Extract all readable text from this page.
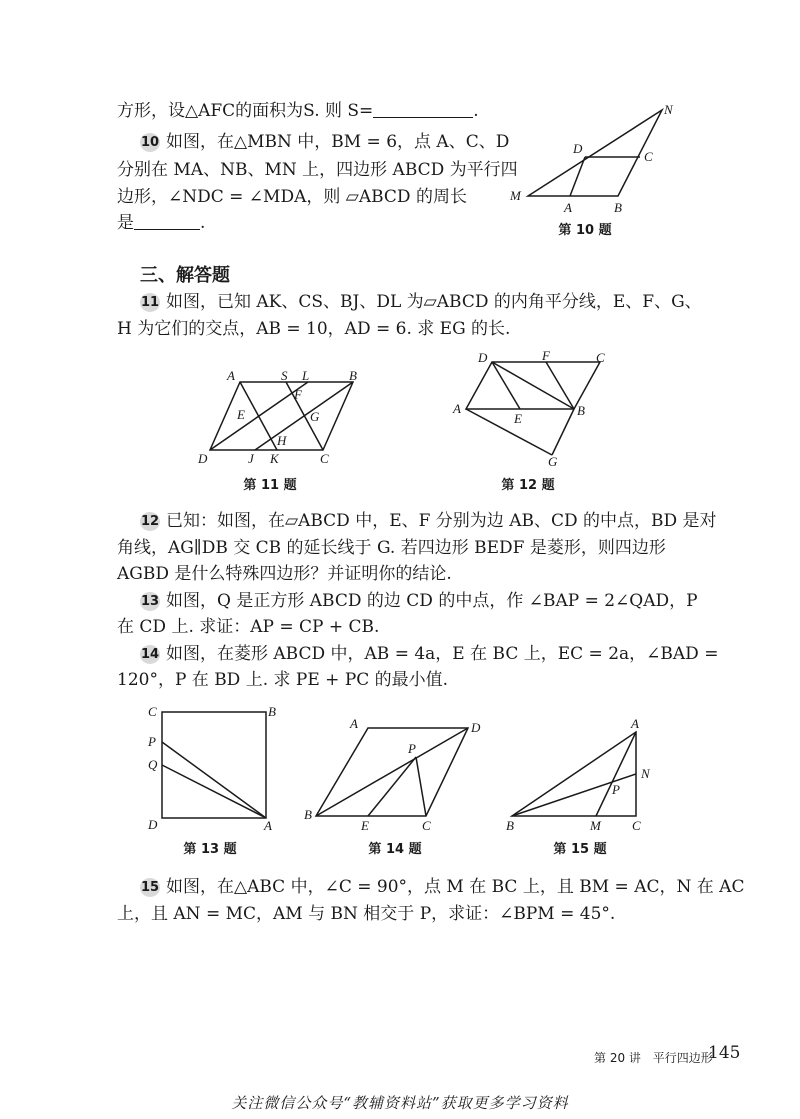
方形，设△AFC的面积为S. 则 S=	.
10 如图，在△MBN 中，BM = 6，点 A、C、D
分别在 MA、NB、MN 上，四边形 ABCD 为平行四
边形，∠NDC = ∠MDA，则 ▱ABCD 的周长
是	.
N
D
C
M
A	B
第 10 题
三、解答题
11 如图，已知 AK、CS、BJ、DL 为▱ABCD 的内角平分线，E、F、G、
H 为它们的交点，AB = 10，AD = 6. 求 EG 的长.
A	S L	B
F
E	G
H
D	J K	C
第 11 题
D	F	C
A
E
B
G
第 12 题
12 已知：如图，在▱ABCD 中，E、F 分别为边 AB、CD 的中点，BD 是对
角线，AG∥DB 交 CB 的延长线于 G. 若四边形 BEDF 是菱形，则四边形
AGBD 是什么特殊四边形？并证明你的结论.
13 如图，Q 是正方形 ABCD 的边 CD 的中点，作 ∠BAP = 2∠QAD，P
在 CD 上. 求证：AP = CP + CB.
14 如图，在菱形 ABCD 中，AB = 4a，E 在 BC 上，EC = 2a，∠BAD =
120°，P 在 BD 上. 求 PE + PC 的最小值.
C	B
P
Q
D	A
第 13 题
A	D
P
B
E	C
第 14 题
A
N
P
B	M C
第 15 题
15 如图，在△ABC 中，∠C = 90°，点 M 在 BC 上，且 BM = AC，N 在 AC
上，且 AN = MC，AM 与 BN 相交于 P，求证：∠BPM = 45°.
第 20 讲 平行四边形
145
关注微信公众号“教辅资料站”获取更多学习资料
